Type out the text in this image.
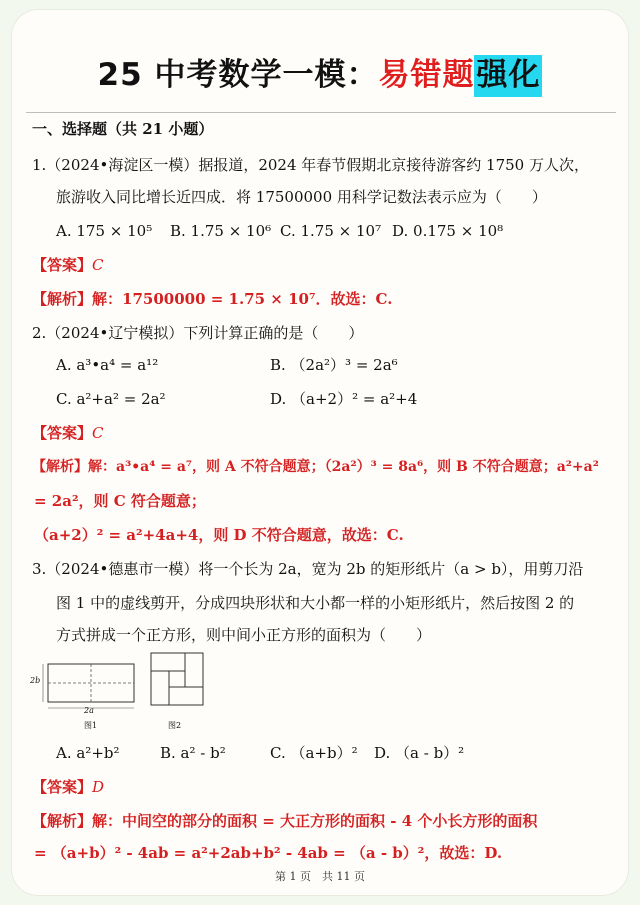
25 中考数学一模：易错题强化
一、选择题（共 21 小题）
1.（2024•海淀区一模）据报道，2024 年春节假期北京接待游客约 1750 万人次，
旅游收入同比增长近四成．将 17500000 用科学记数法表示应为（　　）
A. 175 × 10⁵ B. 1.75 × 10⁶ C. 1.75 × 10⁷ D. 0.175 × 10⁸
【答案】C
【解析】解：17500000 = 1.75 × 10⁷．故选：C.
2.（2024•辽宁模拟）下列计算正确的是（　　）
A. a³•a⁴ = a¹²	B. （2a²）³ = 2a⁶
C. a²+a² = 2a²	D. （a+2）² = a²+4
【答案】C
【解析】解：a³•a⁴ = a⁷，则 A 不符合题意；（2a²）³ = 8a⁶，则 B 不符合题意；a²+a²
= 2a²，则 C 符合题意；
（a+2）² = a²+4a+4，则 D 不符合题意，故选：C.
3.（2024•德惠市一模）将一个长为 2a，宽为 2b 的矩形纸片（a > b），用剪刀沿
图 1 中的虚线剪开，分成四块形状和大小都一样的小矩形纸片，然后按图 2 的
方式拼成一个正方形，则中间小正方形的面积为（　　）
2b
2a
图1	图2
A. a²+b²	B. a² - b²	C. （a+b）² D. （a - b）²
【答案】D
【解析】解：中间空的部分的面积 = 大正方形的面积 - 4 个小长方形的面积
= （a+b）² - 4ab = a²+2ab+b² - 4ab = （a - b）²，故选：D.
第 1 页　共 11 页
